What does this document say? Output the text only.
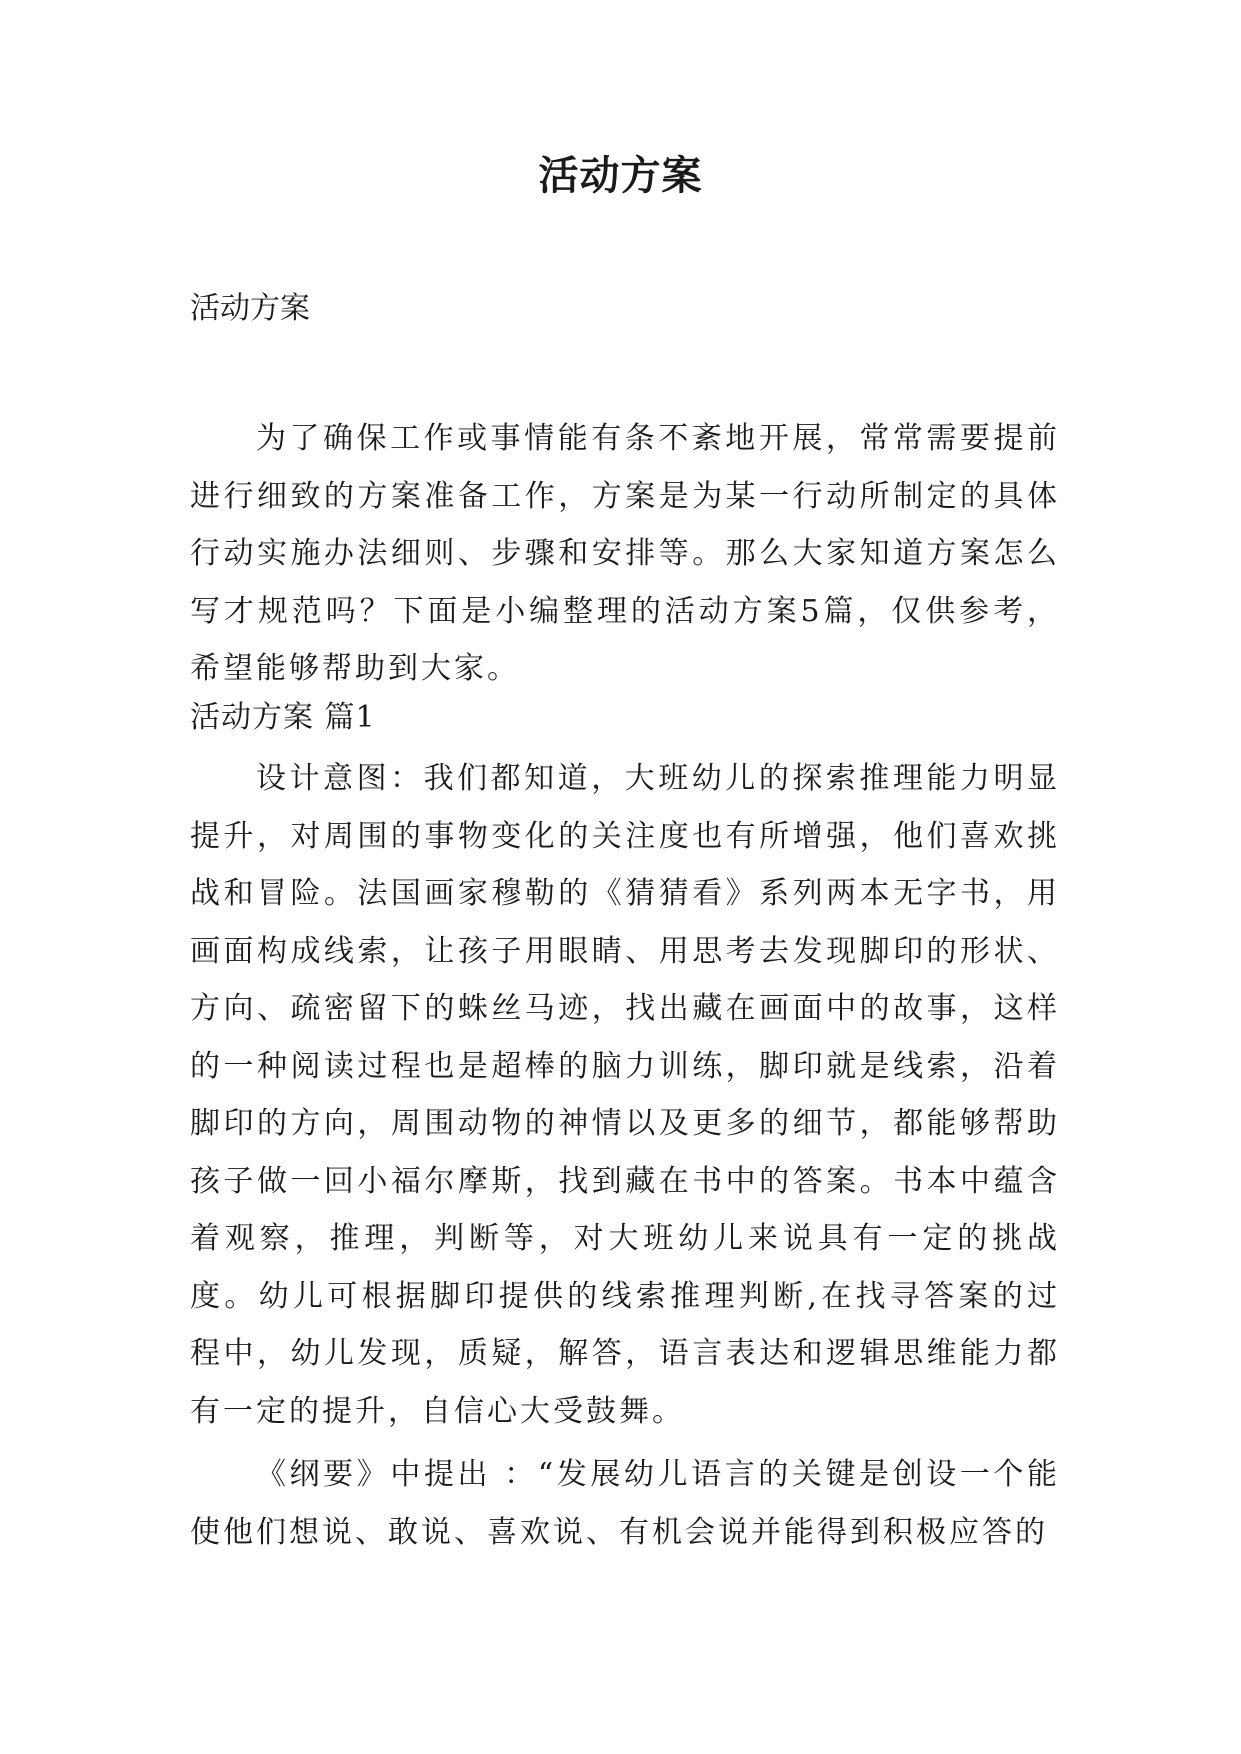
活动方案

活动方案

为了确保工作或事情能有条不紊地开展，常常需要提前进行细致的方案准备工作，方案是为某一行动所制定的具体行动实施办法细则、步骤和安排等。那么大家知道方案怎么写才规范吗？下面是小编整理的活动方案5篇，仅供参考，希望能够帮助到大家。

活动方案 篇1

设计意图：我们都知道，大班幼儿的探索推理能力明显提升，对周围的事物变化的关注度也有所增强，他们喜欢挑战和冒险。法国画家穆勒的《猜猜看》系列两本无字书，用画面构成线索，让孩子用眼睛、用思考去发现脚印的形状、方向、疏密留下的蛛丝马迹，找出藏在画面中的故事，这样的一种阅读过程也是超棒的脑力训练，脚印就是线索，沿着脚印的方向，周围动物的神情以及更多的细节，都能够帮助孩子做一回小福尔摩斯，找到藏在书中的答案。书本中蕴含着观察，推理，判断等，对大班幼儿来说具有一定的挑战度。幼儿可根据脚印提供的线索推理判断,在找寻答案的过程中，幼儿发现，质疑，解答，语言表达和逻辑思维能力都有一定的提升，自信心大受鼓舞。

《纲要》中提出 ：“发展幼儿语言的关键是创设一个能使他们想说、敢说、喜欢说、有机会说并能得到积极应答的
